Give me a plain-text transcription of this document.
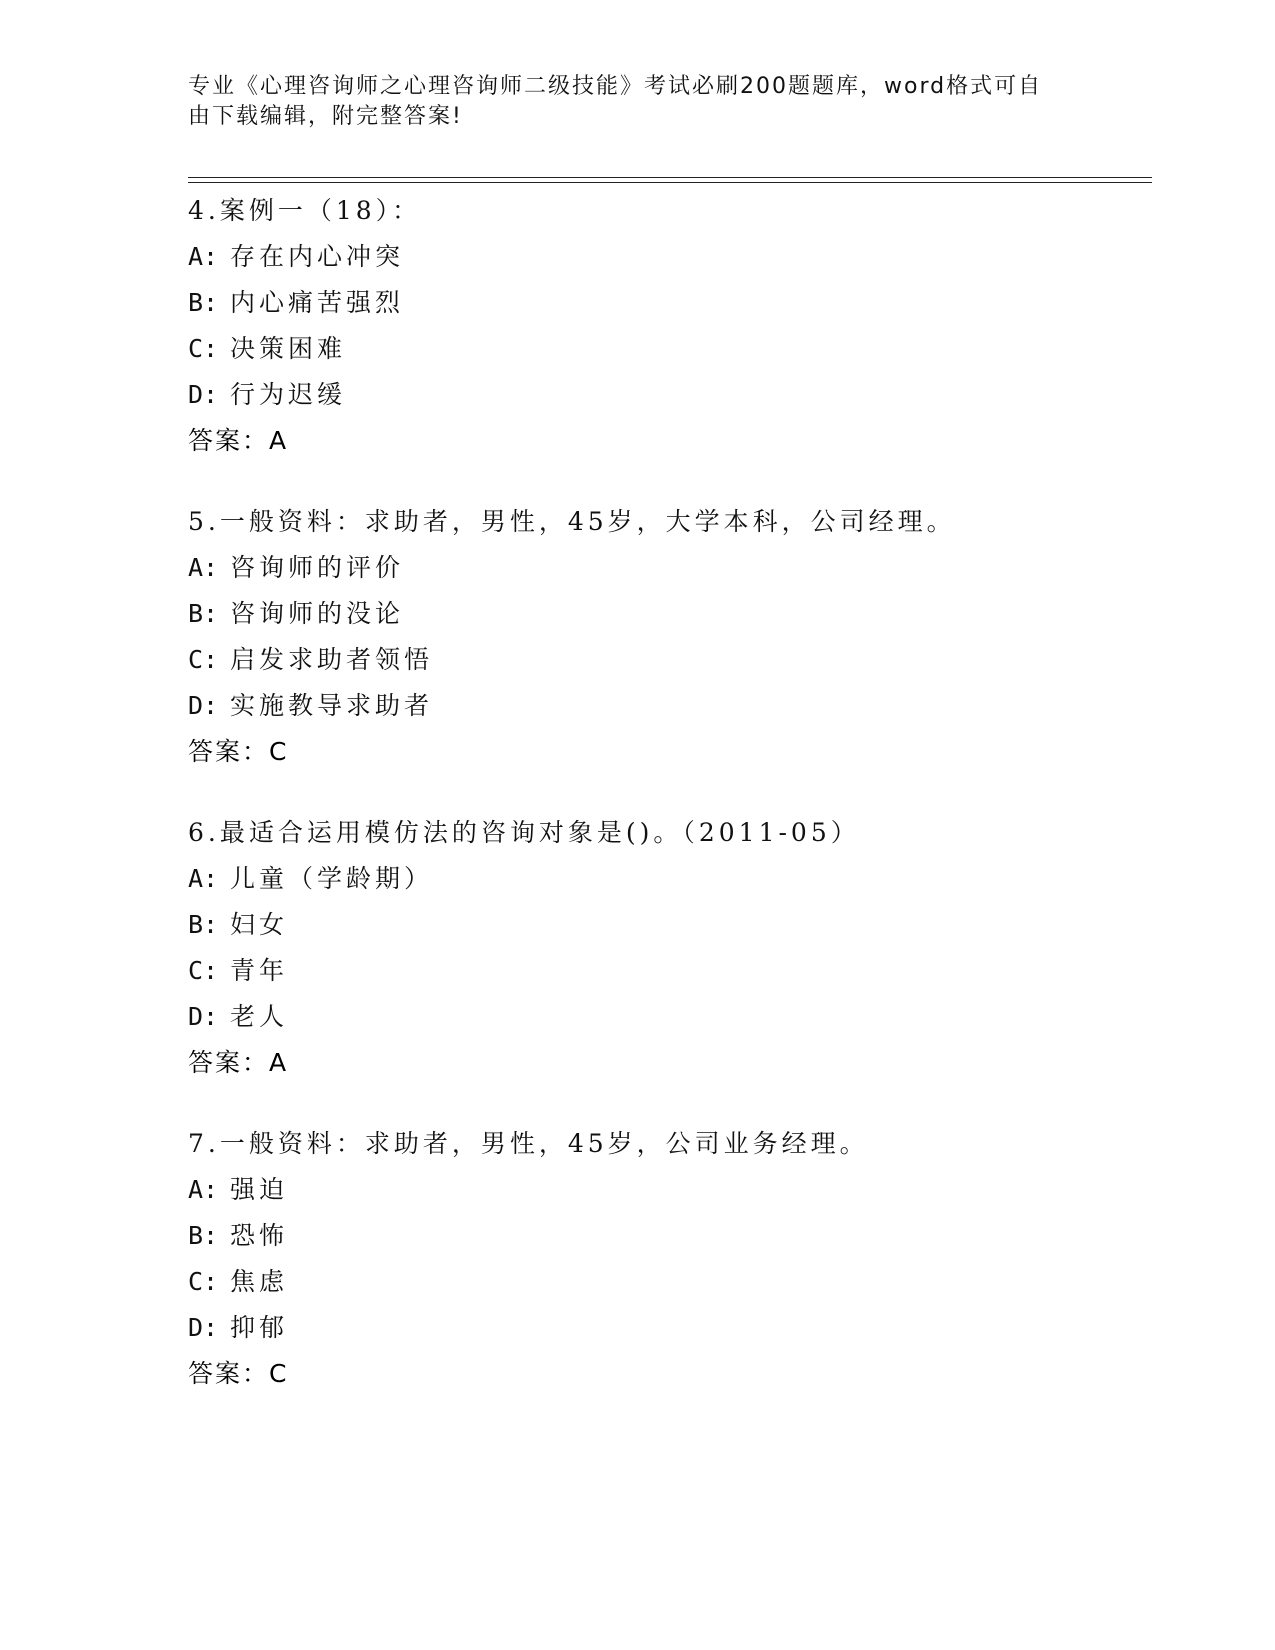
专业《心理咨询师之心理咨询师二级技能》考试必刷200题题库，word格式可自
由下载编辑，附完整答案!
4.案例一（18）：
A: 存在内心冲突
B: 内心痛苦强烈
C: 决策困难
D: 行为迟缓
答案：A
5.一般资料：求助者，男性，45岁，大学本科，公司经理。
A: 咨询师的评价
B: 咨询师的没论
C: 启发求助者领悟
D: 实施教导求助者
答案：C
6.最适合运用模仿法的咨询对象是()。（2011-05）
A: 儿童（学龄期）
B: 妇女
C: 青年
D: 老人
答案：A
7.一般资料：求助者，男性，45岁，公司业务经理。
A: 强迫
B: 恐怖
C: 焦虑
D: 抑郁
答案：C
